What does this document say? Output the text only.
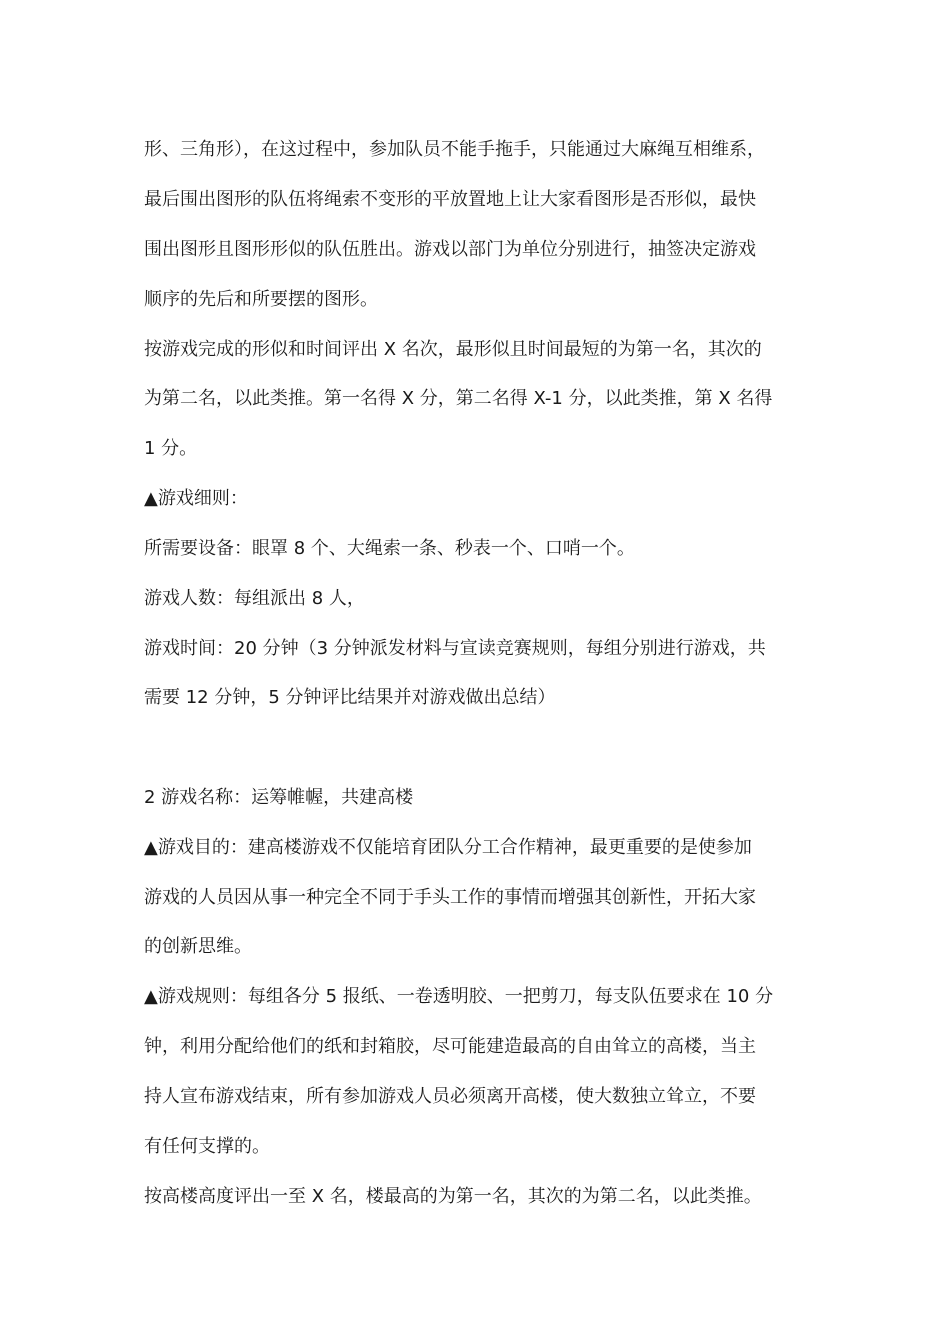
形、三角形），在这过程中，参加队员不能手拖手，只能通过大麻绳互相维系，
最后围出图形的队伍将绳索不变形的平放置地上让大家看图形是否形似，最快
围出图形且图形形似的队伍胜出。游戏以部门为单位分别进行，抽签决定游戏
顺序的先后和所要摆的图形。
按游戏完成的形似和时间评出 X 名次，最形似且时间最短的为第一名，其次的
为第二名，以此类推。第一名得 X 分，第二名得 X-1 分，以此类推，第 X 名得
1 分。
▲游戏细则：
所需要设备：眼罩 8 个、大绳索一条、秒表一个、口哨一个。
游戏人数：每组派出 8 人，
游戏时间：20 分钟（3 分钟派发材料与宣读竞赛规则，每组分别进行游戏，共
需要 12 分钟，5 分钟评比结果并对游戏做出总结）
2 游戏名称：运筹帷幄，共建高楼
▲游戏目的：建高楼游戏不仅能培育团队分工合作精神，最更重要的是使参加
游戏的人员因从事一种完全不同于手头工作的事情而增强其创新性，开拓大家
的创新思维。
▲游戏规则：每组各分 5 报纸、一卷透明胶、一把剪刀，每支队伍要求在 10 分
钟，利用分配给他们的纸和封箱胶，尽可能建造最高的自由耸立的高楼，当主
持人宣布游戏结束，所有参加游戏人员必须离开高楼，使大数独立耸立，不要
有任何支撑的。
按高楼高度评出一至 X 名，楼最高的为第一名，其次的为第二名，以此类推。
